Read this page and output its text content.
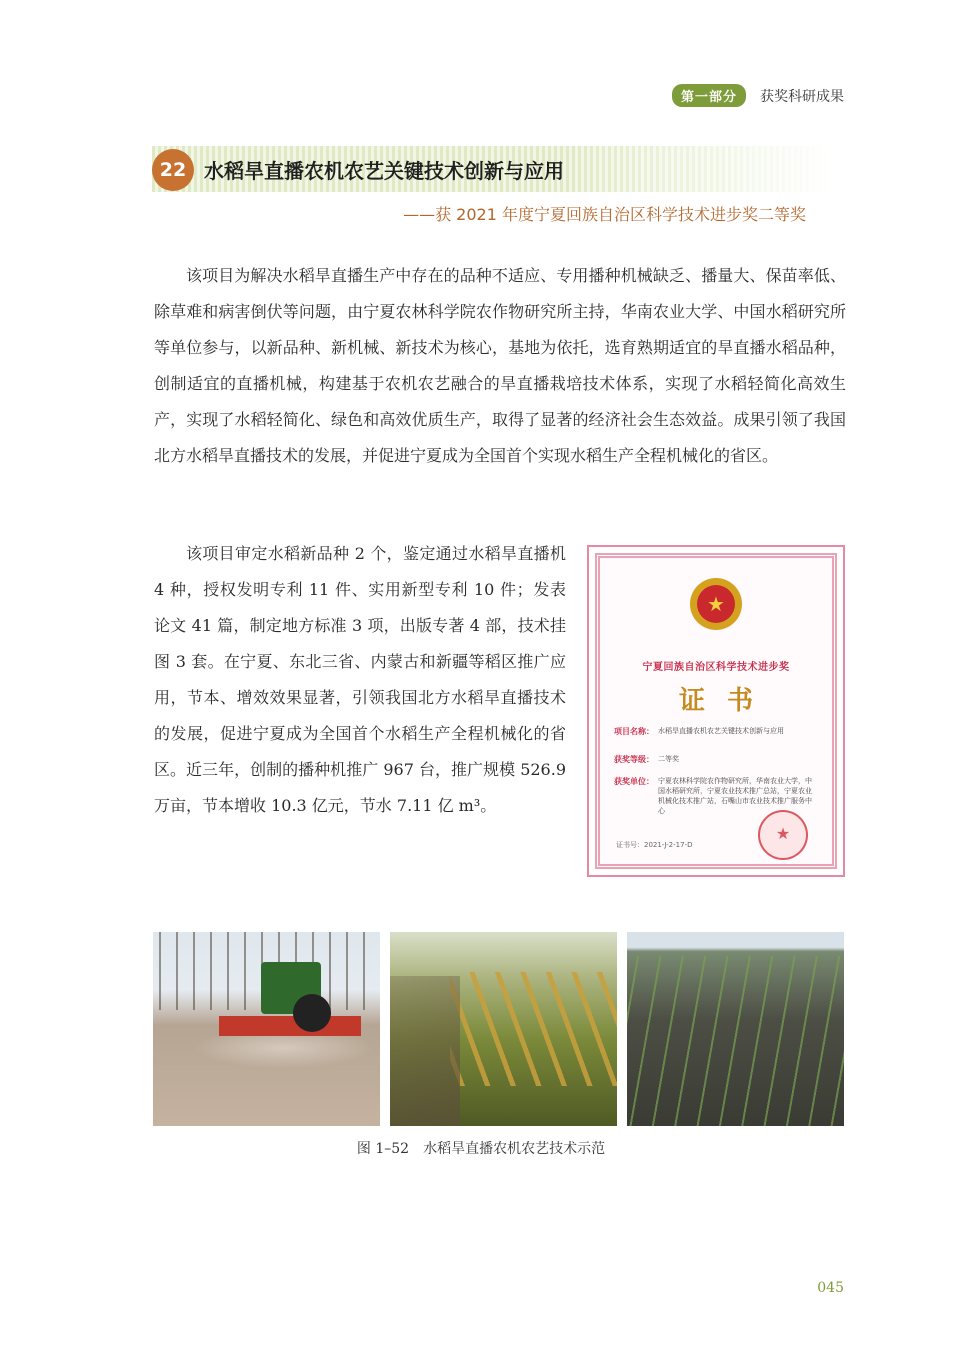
第一部分	获奖科研成果
22 水稻旱直播农机农艺关键技术创新与应用
——获 2021 年度宁夏回族自治区科学技术进步奖二等奖

该项目为解决水稻旱直播生产中存在的品种不适应、专用播种机械缺乏、播量大、保苗率低、除草难和病害倒伏等问题，由宁夏农林科学院农作物研究所主持，华南农业大学、中国水稻研究所等单位参与，以新品种、新机械、新技术为核心，基地为依托，选育熟期适宜的旱直播水稻品种，创制适宜的直播机械，构建基于农机农艺融合的旱直播栽培技术体系，实现了水稻轻简化高效生产，实现了水稻轻简化、绿色和高效优质生产，取得了显著的经济社会生态效益。成果引领了我国北方水稻旱直播技术的发展，并促进宁夏成为全国首个实现水稻生产全程机械化的省区。

该项目审定水稻新品种 2 个，鉴定通过水稻旱直播机 4 种，授权发明专利 11 件、实用新型专利 10 件；发表论文 41 篇，制定地方标准 3 项，出版专著 4 部，技术挂图 3 套。在宁夏、东北三省、内蒙古和新疆等稻区推广应用，节本、增效效果显著，引领我国北方水稻旱直播技术的发展，促进宁夏成为全国首个水稻生产全程机械化的省区。近三年，创制的播种机推广 967 台，推广规模 526.9 万亩，节本增收 10.3 亿元，节水 7.11 亿 m³。

★
宁夏回族自治区科学技术进步奖
证书
项目名称： 水稻旱直播农机农艺关键技术创新与应用
获奖等级： 二等奖
获奖单位： 宁夏农林科学院农作物研究所，华南农业大学，中国水稻研究所，宁夏农业技术推广总站，宁夏农业机械化技术推广站，石嘴山市农业技术推广服务中心
★
证书号：2021-J-2-17-D
图 1–52　水稻旱直播农机农艺技术示范
045
